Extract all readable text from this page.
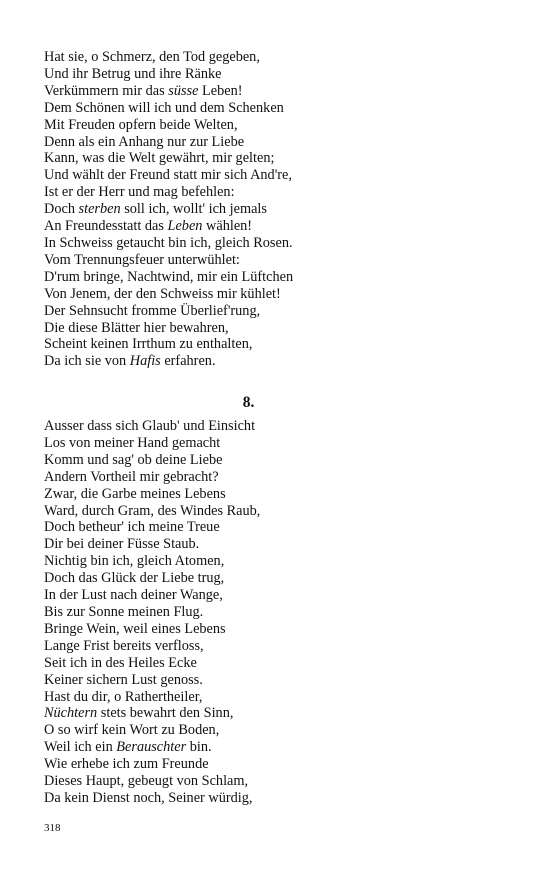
Hat sie, o Schmerz, den Tod gegeben,
Und ihr Betrug und ihre Ränke
Verkümmern mir das süsse Leben!
Dem Schönen will ich und dem Schenken
Mit Freuden opfern beide Welten,
Denn als ein Anhang nur zur Liebe
Kann, was die Welt gewährt, mir gelten;
Und wählt der Freund statt mir sich And're,
Ist er der Herr und mag befehlen:
Doch sterben soll ich, wollt' ich jemals
An Freundesstatt das Leben wählen!
In Schweiss getaucht bin ich, gleich Rosen.
Vom Trennungsfeuer unterwühlet:
D'rum bringe, Nachtwind, mir ein Lüftchen
Von Jenem, der den Schweiss mir kühlet!
Der Sehnsucht fromme Überlief'rung,
Die diese Blätter hier bewahren,
Scheint keinen Irrthum zu enthalten,
Da ich sie von Hafis erfahren.
8.
Ausser dass sich Glaub' und Einsicht
Los von meiner Hand gemacht
Komm und sag' ob deine Liebe
Andern Vortheil mir gebracht?
Zwar, die Garbe meines Lebens
Ward, durch Gram, des Windes Raub,
Doch betheur' ich meine Treue
Dir bei deiner Füsse Staub.
Nichtig bin ich, gleich Atomen,
Doch das Glück der Liebe trug,
In der Lust nach deiner Wange,
Bis zur Sonne meinen Flug.
Bringe Wein, weil eines Lebens
Lange Frist bereits verfloss,
Seit ich in des Heiles Ecke
Keiner sichern Lust genoss.
Hast du dir, o Rathertheiler,
Nüchtern stets bewahrt den Sinn,
O so wirf kein Wort zu Boden,
Weil ich ein Berauschter bin.
Wie erhebe ich zum Freunde
Dieses Haupt, gebeugt von Schlam,
Da kein Dienst noch, Seiner würdig,
318
